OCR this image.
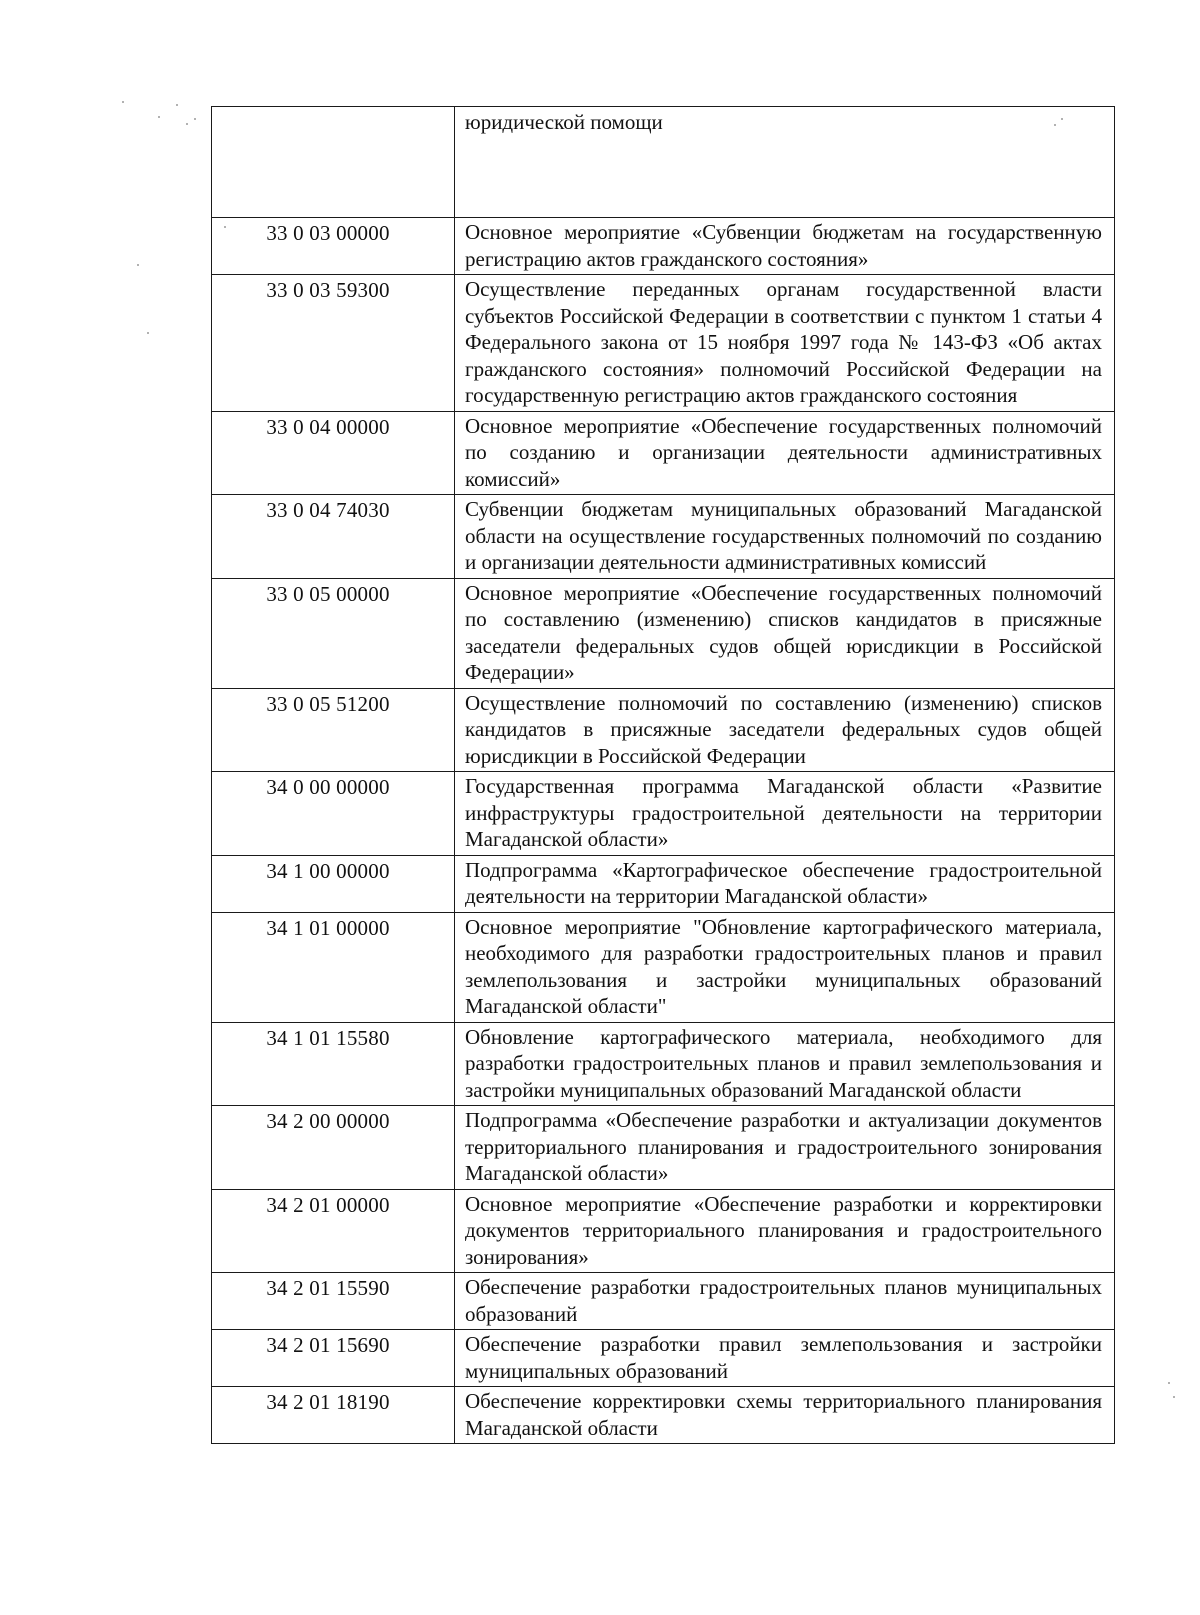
	юридической помощи
33 0 03 00000	Основное мероприятие «Субвенции бюджетам на государственную регистрацию актов гражданского состояния»
33 0 03 59300	Осуществление переданных органам государственной власти субъектов Российской Федерации в соответствии с пунктом 1 статьи 4 Федерального закона от 15 ноября 1997 года № 143-ФЗ «Об актах гражданского состояния» полномочий Российской Федерации на государственную регистрацию актов гражданского состояния
33 0 04 00000	Основное мероприятие «Обеспечение государственных полномочий по созданию и организации деятельности административных комиссий»
33 0 04 74030	Субвенции бюджетам муниципальных образований Магаданской области на осуществление государственных полномочий по созданию и организации деятельности административных комиссий
33 0 05 00000	Основное мероприятие «Обеспечение государственных полномочий по составлению (изменению) списков кандидатов в присяжные заседатели федеральных судов общей юрисдикции в Российской Федерации»
33 0 05 51200	Осуществление полномочий по составлению (изменению) списков кандидатов в присяжные заседатели федеральных судов общей юрисдикции в Российской Федерации
34 0 00 00000	Государственная программа Магаданской области «Развитие инфраструктуры градостроительной деятельности на территории Магаданской области»
34 1 00 00000	Подпрограмма «Картографическое обеспечение градостроительной деятельности на территории Магаданской области»
34 1 01 00000	Основное мероприятие "Обновление картографического материала, необходимого для разработки градостроительных планов и правил землепользования и застройки муниципальных образований Магаданской области"
34 1 01 15580	Обновление картографического материала, необходимого для разработки градостроительных планов и правил землепользования и застройки муниципальных образований Магаданской области
34 2 00 00000	Подпрограмма «Обеспечение разработки и актуализации документов территориального планирования и градостроительного зонирования Магаданской области»
34 2 01 00000	Основное мероприятие «Обеспечение разработки и корректировки документов территориального планирования и градостроительного зонирования»
34 2 01 15590	Обеспечение разработки градостроительных планов муниципальных образований
34 2 01 15690	Обеспечение разработки правил землепользования и застройки муниципальных образований
34 2 01 18190	Обеспечение корректировки схемы территориального планирования Магаданской области
